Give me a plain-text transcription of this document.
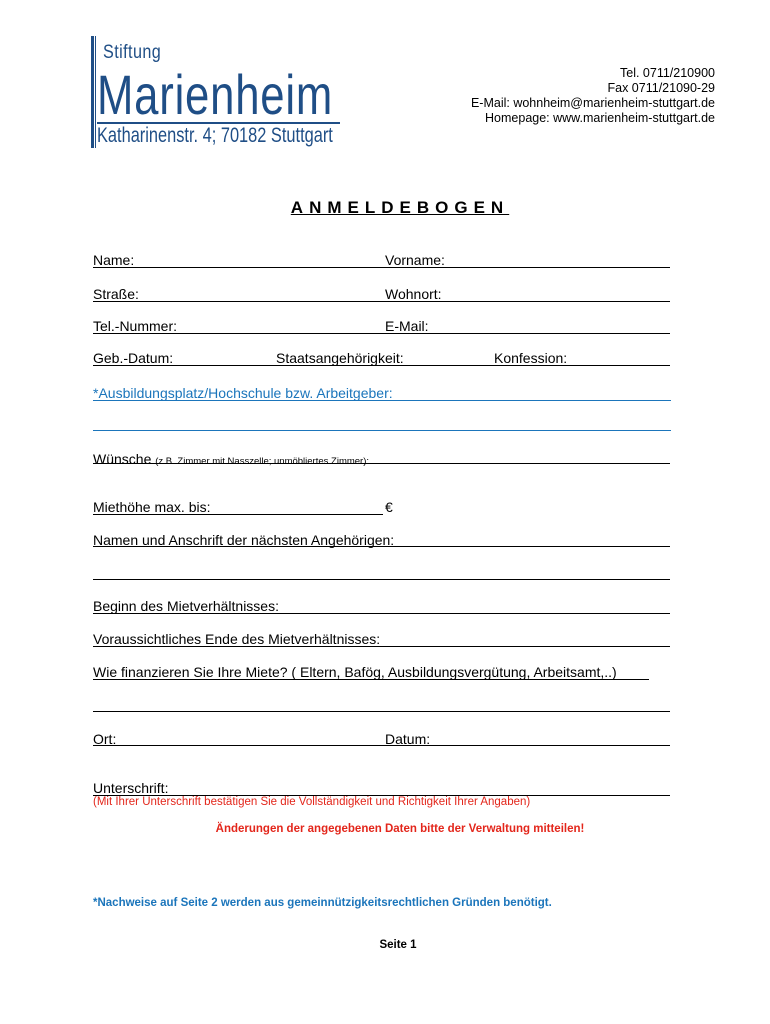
Stiftung
Marienheim
Katharinenstr. 4; 70182 Stuttgart
Tel. 0711/210900
Fax 0711/21090-29
E-Mail: wohnheim@marienheim-stuttgart.de
Homepage: www.marienheim-stuttgart.de
ANMELDEBOGEN
Name:	Vorname:
Straße:	Wohnort:
Tel.-Nummer:	E-Mail:
Geb.-Datum:	Staatsangehörigkeit:	Konfession:
*Ausbildungsplatz/Hochschule bzw. Arbeitgeber:
Wünsche (z.B. Zimmer mit Nasszelle; unmöbliertes Zimmer):
Miethöhe max. bis:	€
Namen und Anschrift der nächsten Angehörigen:
Beginn des Mietverhältnisses:
Voraussichtliches Ende des Mietverhältnisses:
Wie finanzieren Sie Ihre Miete? ( Eltern, Bafög, Ausbildungsvergütung, Arbeitsamt,..)
Ort:	Datum:
Unterschrift:
(Mit Ihrer Unterschrift bestätigen Sie die Vollständigkeit und Richtigkeit Ihrer Angaben)
Änderungen der angegebenen Daten bitte der Verwaltung mitteilen!
*Nachweise auf Seite 2 werden aus gemeinnützigkeitsrechtlichen Gründen benötigt.
Seite 1
